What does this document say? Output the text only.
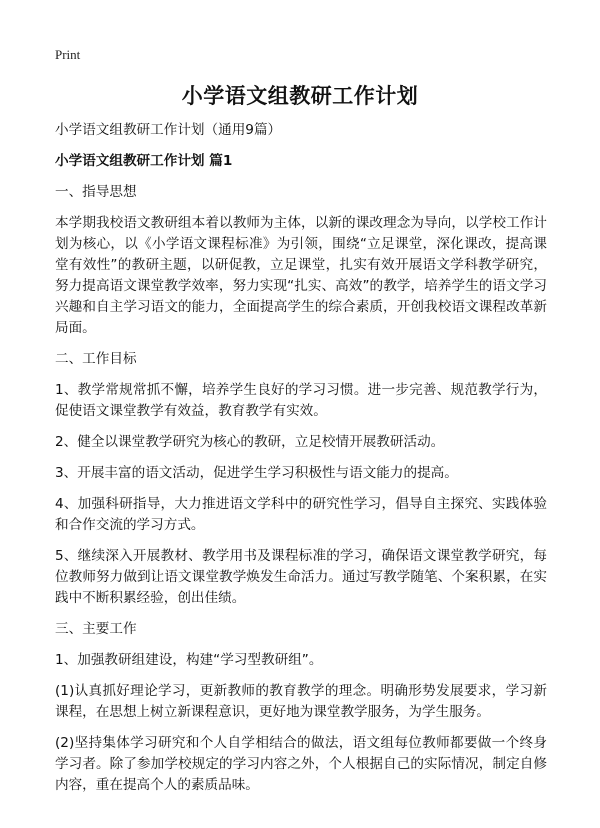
Print
小学语文组教研工作计划

小学语文组教研工作计划（通用9篇）

小学语文组教研工作计划 篇1

一、指导思想

本学期我校语文教研组本着以教师为主体，以新的课改理念为导向，以学校工作计划为核心，以《小学语文课程标准》为引领，围绕“立足课堂，深化课改，提高课堂有效性”的教研主题，以研促教，立足课堂，扎实有效开展语文学科教学研究，努力提高语文课堂教学效率，努力实现“扎实、高效”的教学，培养学生的语文学习兴趣和自主学习语文的能力，全面提高学生的综合素质，开创我校语文课程改革新局面。

二、工作目标

1、教学常规常抓不懈，培养学生良好的学习习惯。进一步完善、规范教学行为，促使语文课堂教学有效益，教育教学有实效。

2、健全以课堂教学研究为核心的教研，立足校情开展教研活动。

3、开展丰富的语文活动，促进学生学习积极性与语文能力的提高。

4、加强科研指导，大力推进语文学科中的研究性学习，倡导自主探究、实践体验和合作交流的学习方式。

5、继续深入开展教材、教学用书及课程标准的学习，确保语文课堂教学研究，每位教师努力做到让语文课堂教学焕发生命活力。通过写教学随笔、个案积累，在实践中不断积累经验，创出佳绩。

三、主要工作

1、加强教研组建设，构建“学习型教研组”。

(1)认真抓好理论学习，更新教师的教育教学的理念。明确形势发展要求，学习新课程，在思想上树立新课程意识，更好地为课堂教学服务，为学生服务。

(2)坚持集体学习研究和个人自学相结合的做法，语文组每位教师都要做一个终身学习者。除了参加学校规定的学习内容之外，个人根据自己的实际情况，制定自修内容，重在提高个人的素质品味。
